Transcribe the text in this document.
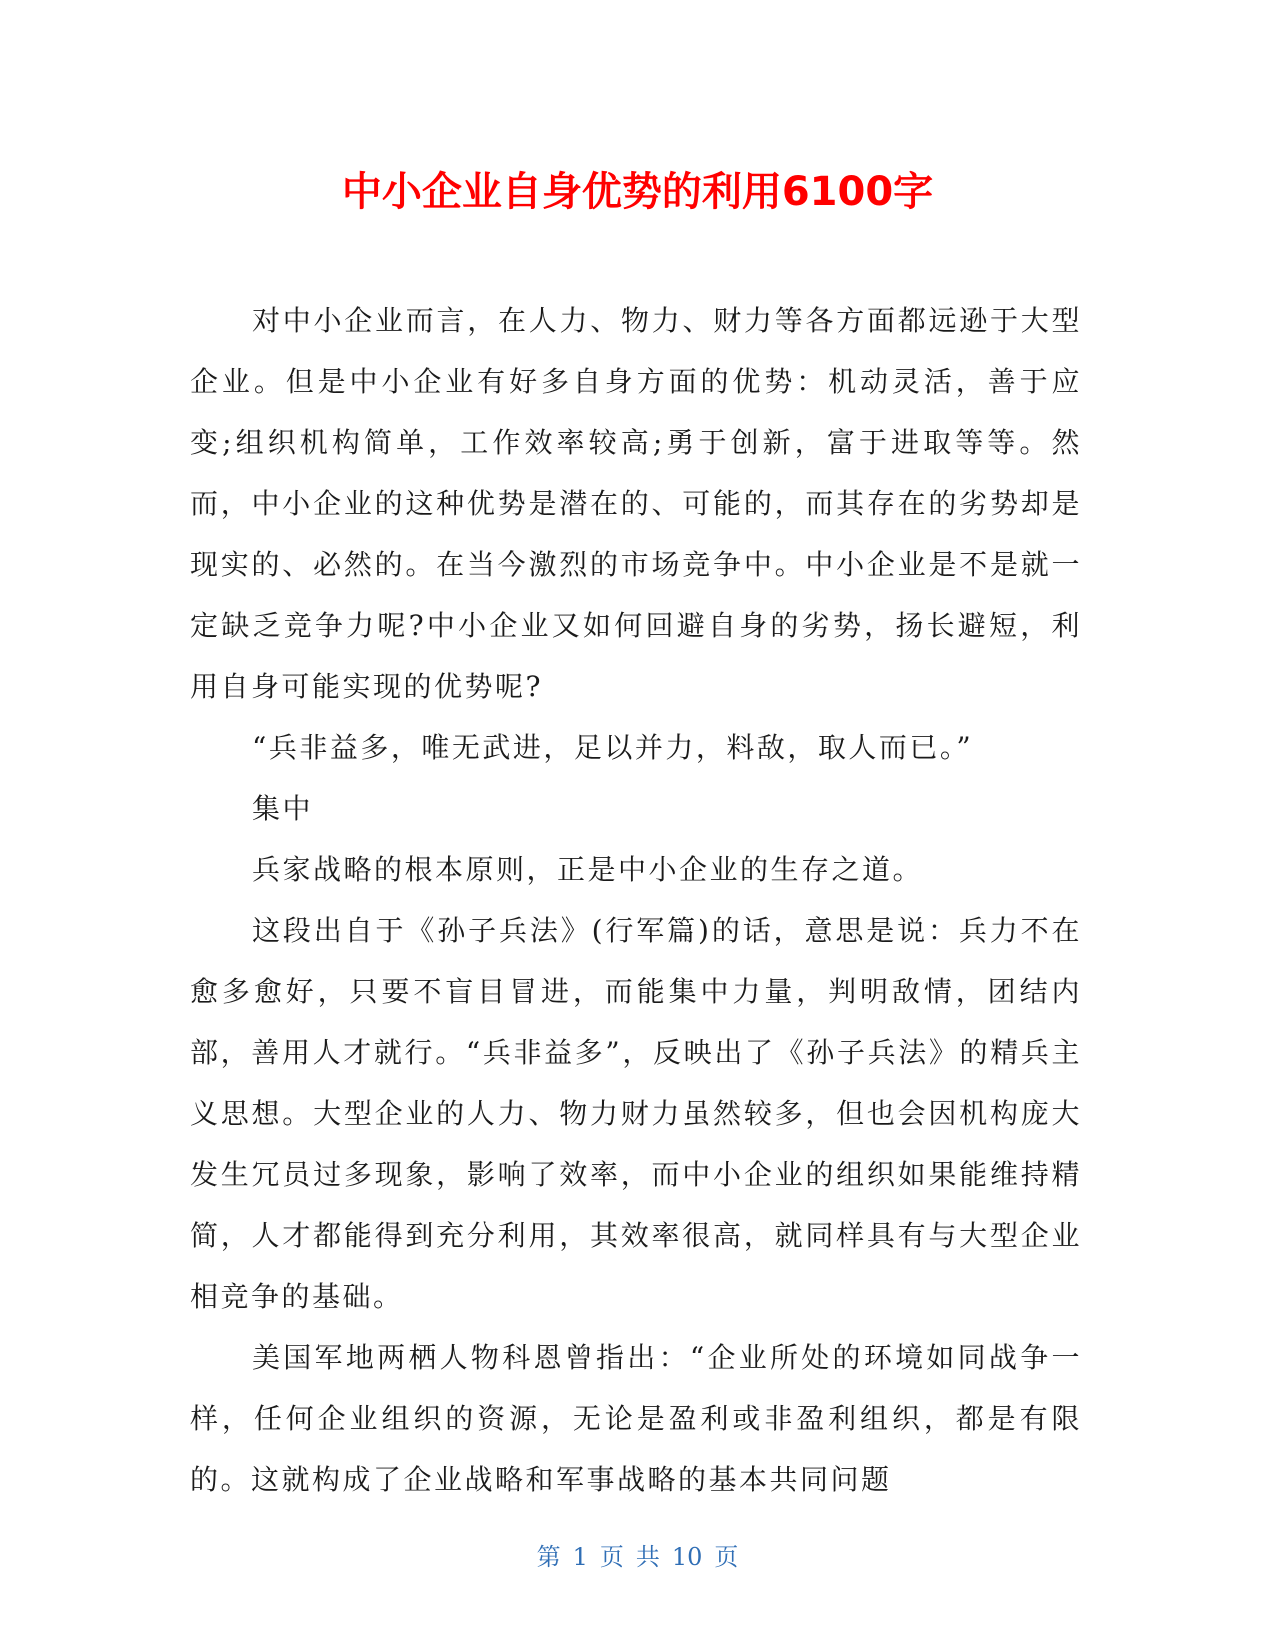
中小企业自身优势的利用6100字

对中小企业而言，在人力、物力、财力等各方面都远逊于大型企业。但是中小企业有好多自身方面的优势：机动灵活，善于应变;组织机构简单，工作效率较高;勇于创新，富于进取等等。然而，中小企业的这种优势是潜在的、可能的，而其存在的劣势却是现实的、必然的。在当今激烈的市场竞争中。中小企业是不是就一定缺乏竞争力呢?中小企业又如何回避自身的劣势，扬长避短，利用自身可能实现的优势呢?

“兵非益多，唯无武进，足以并力，料敌，取人而已。”

集中

兵家战略的根本原则，正是中小企业的生存之道。

这段出自于《孙子兵法》(行军篇)的话，意思是说：兵力不在愈多愈好，只要不盲目冒进，而能集中力量，判明敌情，团结内部，善用人才就行。“兵非益多”，反映出了《孙子兵法》的精兵主义思想。大型企业的人力、物力财力虽然较多，但也会因机构庞大发生冗员过多现象，影响了效率，而中小企业的组织如果能维持精简，人才都能得到充分利用，其效率很高，就同样具有与大型企业相竞争的基础。

美国军地两栖人物科恩曾指出：“企业所处的环境如同战争一样，任何企业组织的资源，无论是盈利或非盈利组织，都是有限的。这就构成了企业战略和军事战略的基本共同问题

第 1 页 共 10 页
